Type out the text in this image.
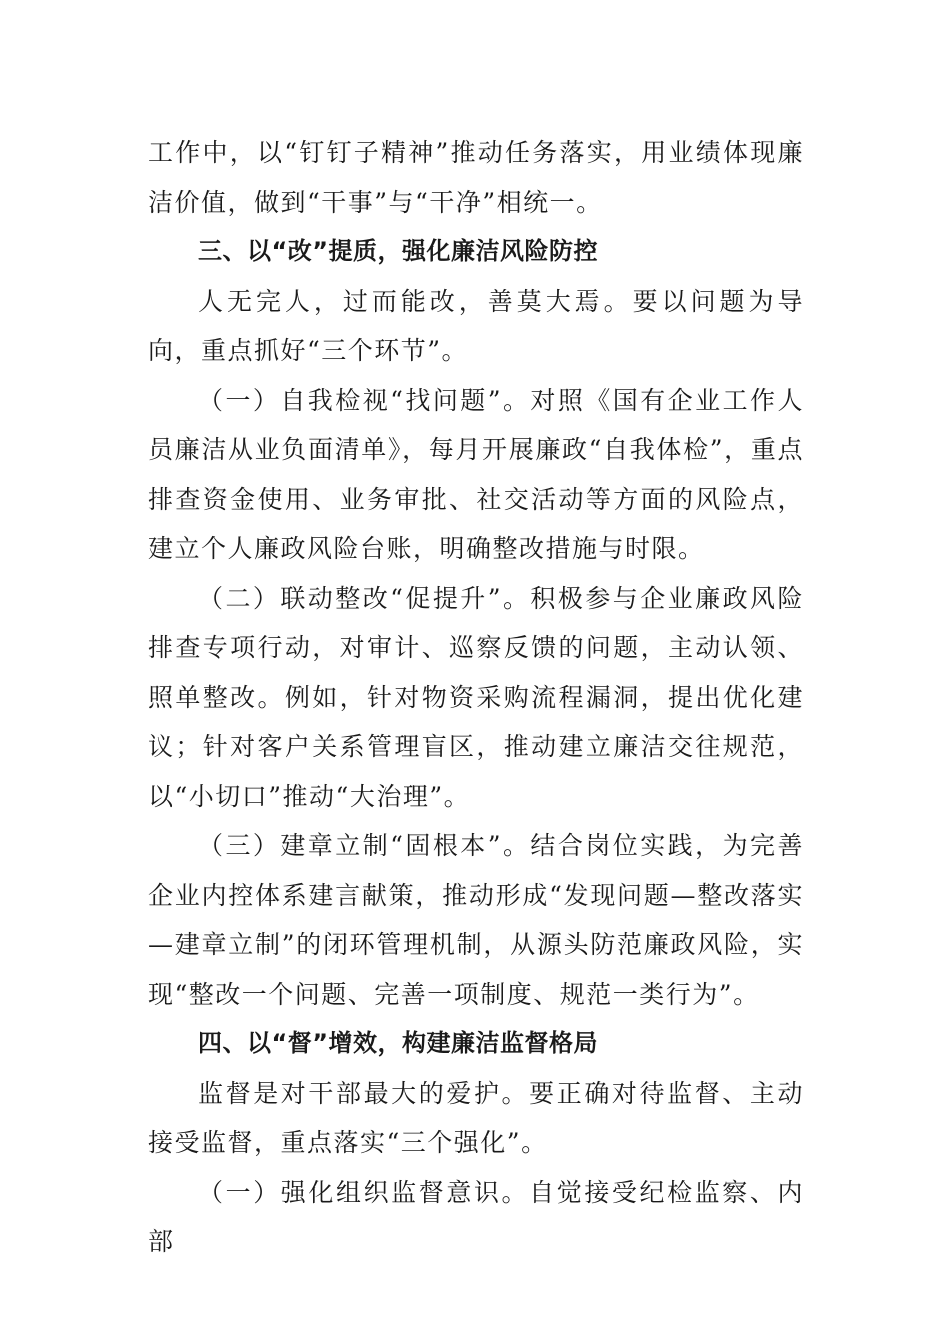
工作中，以“钉钉子精神”推动任务落实，用业绩体现廉洁价值，做到“干事”与“干净”相统一。

三、以“改”提质，强化廉洁风险防控

人无完人，过而能改，善莫大焉。要以问题为导向，重点抓好“三个环节”。

（一）自我检视“找问题”。对照《国有企业工作人员廉洁从业负面清单》，每月开展廉政“自我体检”，重点排查资金使用、业务审批、社交活动等方面的风险点，建立个人廉政风险台账，明确整改措施与时限。

（二）联动整改“促提升”。积极参与企业廉政风险排查专项行动，对审计、巡察反馈的问题，主动认领、照单整改。例如，针对物资采购流程漏洞，提出优化建议；针对客户关系管理盲区，推动建立廉洁交往规范，以“小切口”推动“大治理”。

（三）建章立制“固根本”。结合岗位实践，为完善企业内控体系建言献策，推动形成“发现问题—整改落实—建章立制”的闭环管理机制，从源头防范廉政风险，实现“整改一个问题、完善一项制度、规范一类行为”。

四、以“督”增效，构建廉洁监督格局

监督是对干部最大的爱护。要正确对待监督、主动接受监督，重点落实“三个强化”。

（一）强化组织监督意识。自觉接受纪检监察、内部
